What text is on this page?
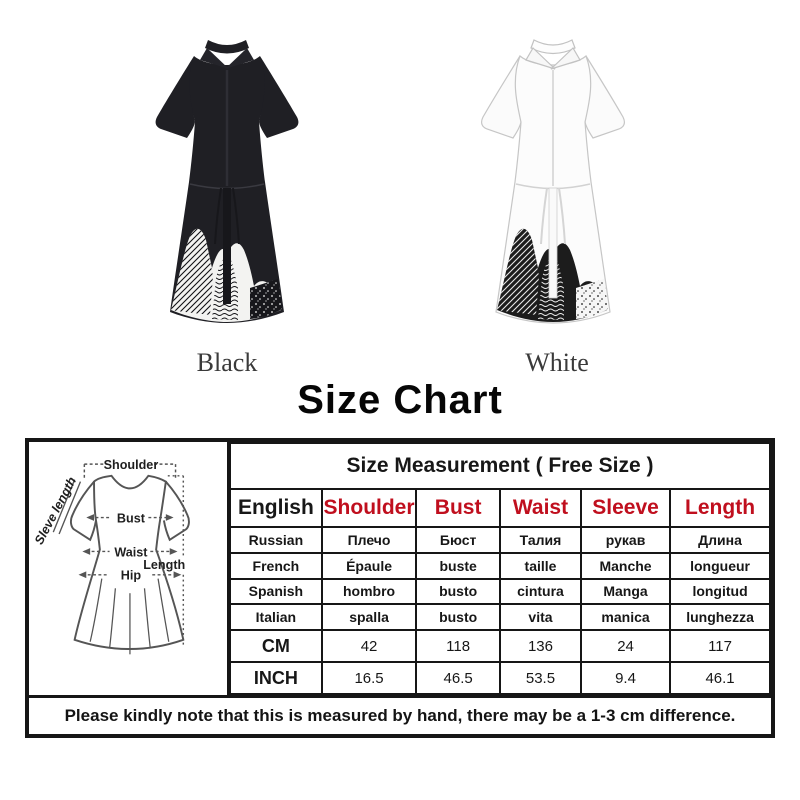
Black	White
Size Chart
Shoulder
Sleve length	Bust
Waist
Hip
Length
Size Measurement ( Free Size )					
English	Shoulder	Bust	Waist	Sleeve	Length
Russian	Плечо	Бюст	Талия	рукав	Длина
French	Épaule	buste	taille	Manche	longueur
Spanish	hombro	busto	cintura	Manga	longitud
Italian	spalla	busto	vita	manica	lunghezza
CM	42	118	136	24	117
INCH	16.5	46.5	53.5	9.4	46.1
Please kindly note that this is measured by hand, there may be a 1-3 cm difference.
